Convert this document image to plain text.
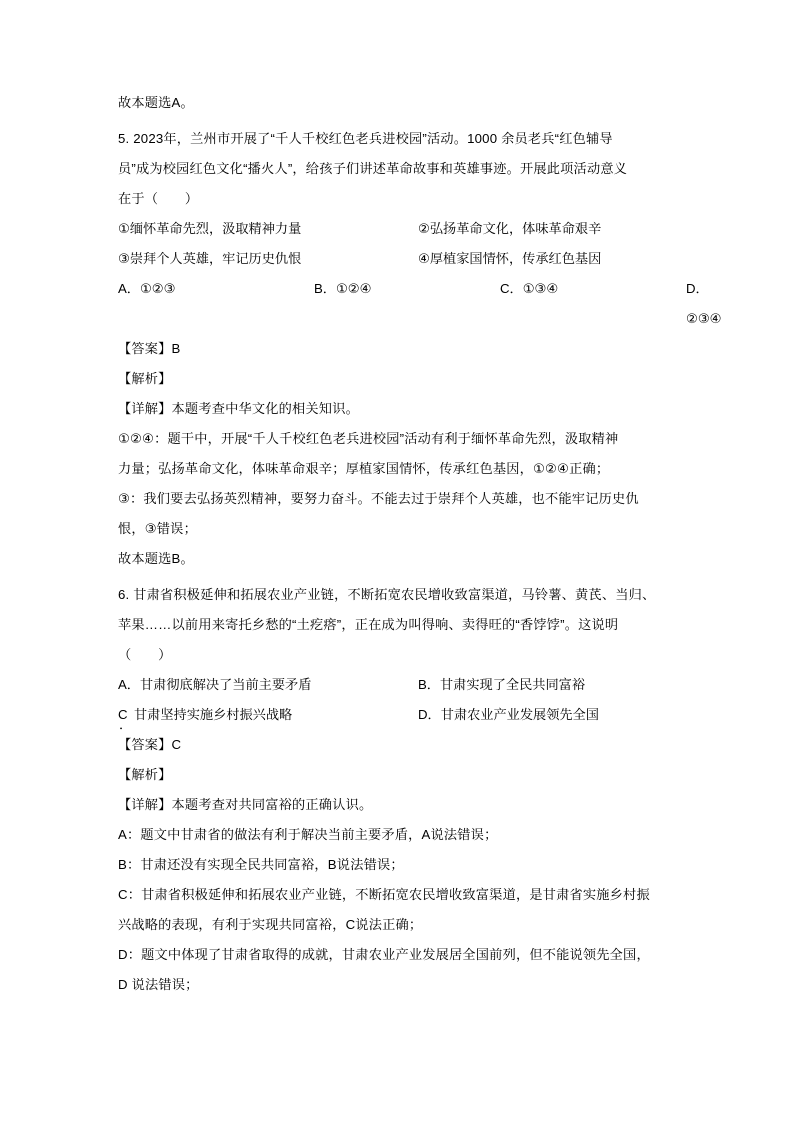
故本题选A。
5. 2023年，兰州市开展了“千人千校红色老兵进校园”活动。1000 余员老兵“红色辅导
员”成为校园红色文化“播火人”，给孩子们讲述革命故事和英雄事迹。开展此项活动意义
在于（　　）
①缅怀革命先烈，汲取精神力量	②弘扬革命文化，体味革命艰辛
③崇拜个人英雄，牢记历史仇恨	④厚植家国情怀，传承红色基因
A．①②③	B．①②④	C．①③④	D．②③④
【答案】B
【解析】
【详解】本题考查中华文化的相关知识。
①②④：题干中，开展“千人千校红色老兵进校园”活动有利于缅怀革命先烈，汲取精神
力量；弘扬革命文化，体味革命艰辛；厚植家国情怀，传承红色基因，①②④正确；
③：我们要去弘扬英烈精神，要努力奋斗。不能去过于崇拜个人英雄，也不能牢记历史仇
恨，③错误；
故本题选B。
6. 甘肃省积极延伸和拓展农业产业链，不断拓宽农民增收致富渠道，马铃薯、黄芪、当归、
苹果……以前用来寄托乡愁的“土疙瘩”，正在成为叫得响、卖得旺的“香饽饽”。这说明
（　　）
A．甘肃彻底解决了当前主要矛盾	B．甘肃实现了全民共同富裕
C
．
甘肃坚持实施乡村振兴战略	D．甘肃农业产业发展领先全国
【答案】C
【解析】
【详解】本题考查对共同富裕的正确认识。
A：题文中甘肃省的做法有利于解决当前主要矛盾，A说法错误；
B：甘肃还没有实现全民共同富裕，B说法错误；
C：甘肃省积极延伸和拓展农业产业链，不断拓宽农民增收致富渠道，是甘肃省实施乡村振
兴战略的表现，有利于实现共同富裕，C说法正确；
D：题文中体现了甘肃省取得的成就，甘肃农业产业发展居全国前列，但不能说领先全国，
D 说法错误；
